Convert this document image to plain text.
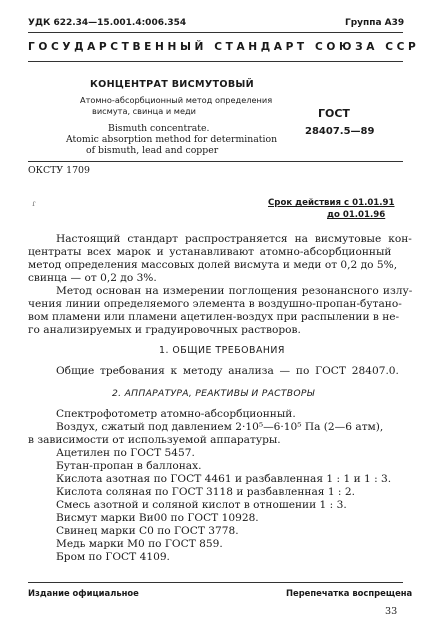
УДК 622.34—15.001.4:006.354	Группа А39
ГОСУДАРСТВЕННЫЙ СТАНДАРТ СОЮЗА ССР
КОНЦЕНТРАТ ВИСМУТОВЫЙ
Атомно-абсорбционный метод определения
висмута, свинца и меди
Bismuth concentrate.
Atomic absorption method for determination
of bismuth, lead and copper
ГОСТ
28407.5—89
ОКСТУ 1709
ɾ	Срок действия с 01.01.91
до 01.01.96
Настоящий стандарт распространяется на висмутовые кон-
центраты всех марок и устанавливают атомно-абсорбционный
метод определения массовых долей висмута и меди от 0,2 до 5%,
свинца — от 0,2 до 3%.
Метод основан на измерении поглощения резонансного излу-
чения линии определяемого элемента в воздушно-пропан-бутано-
вом пламени или пламени ацетилен-воздух при распылении в не-
го анализируемых и градуировочных растворов.
1. ОБЩИЕ ТРЕБОВАНИЯ
Общие требования к методу анализа — по ГОСТ 28407.0.
2. АППАРАТУРА, РЕАКТИВЫ И РАСТВОРЫ
Спектрофотометр атомно-абсорбционный.
Воздух, сжатый под давлением 2·10⁵—6·10⁵ Па (2—6 атм),
в зависимости от используемой аппаратуры.
Ацетилен по ГОСТ 5457.
Бутан-пропан в баллонах.
Кислота азотная по ГОСТ 4461 и разбавленная 1 : 1 и 1 : 3.
Кислота соляная по ГОСТ 3118 и разбавленная 1 : 2.
Смесь азотной и соляной кислот в отношении 1 : 3.
Висмут марки Ви00 по ГОСТ 10928.
Свинец марки С0 по ГОСТ 3778.
Медь марки М0 по ГОСТ 859.
Бром по ГОСТ 4109.
Издание официальное	Перепечатка воспрещена
33
